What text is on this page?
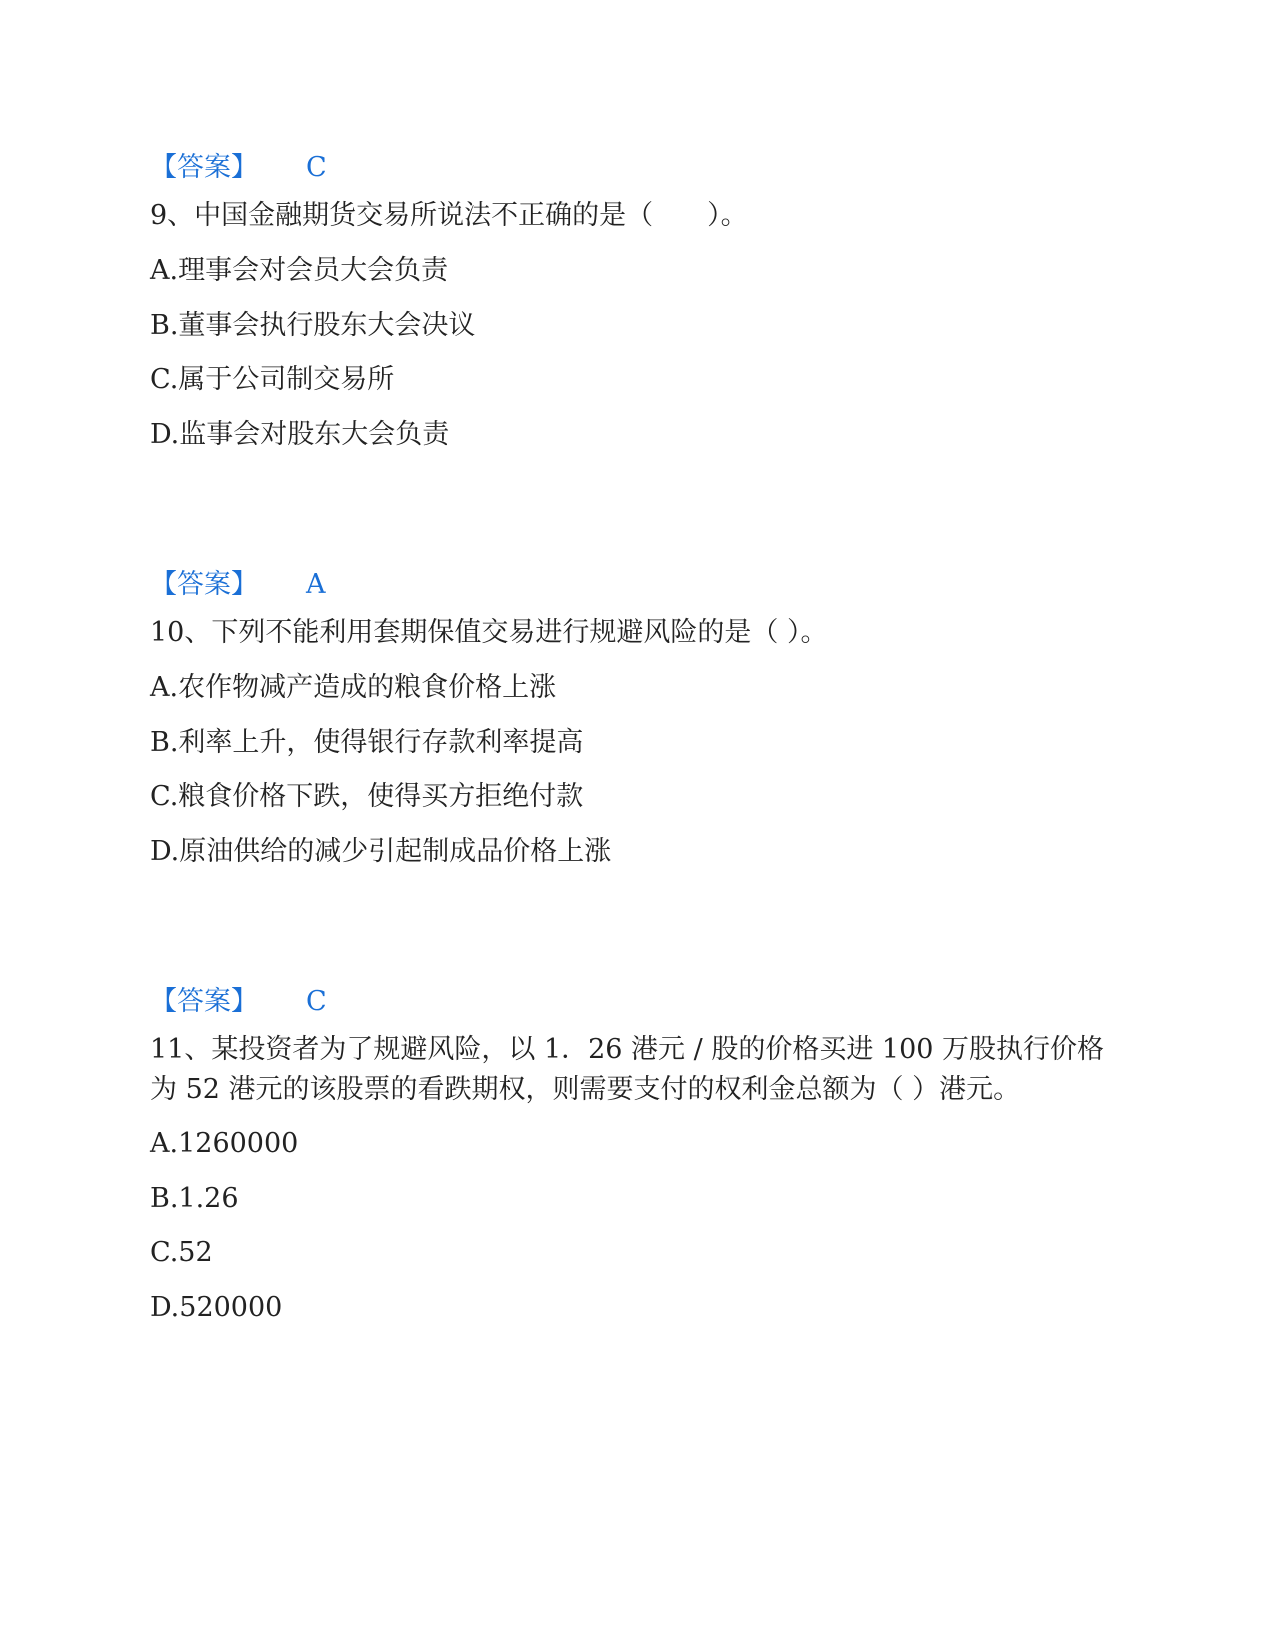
【答案】 C

9、中国金融期货交易所说法不正确的是（　　）。

A.理事会对会员大会负责
B.董事会执行股东大会决议
C.属于公司制交易所
D.监事会对股东大会负责
【答案】 A

10、下列不能利用套期保值交易进行规避风险的是（ ）。

A.农作物减产造成的粮食价格上涨
B.利率上升，使得银行存款利率提高
C.粮食价格下跌，使得买方拒绝付款
D.原油供给的减少引起制成品价格上涨
【答案】 C

11、某投资者为了规避风险，以 1．26 港元 / 股的价格买进 100 万股执行价格为 52 港元的该股票的看跌期权，则需要支付的权利金总额为（ ）港元。

A.1260000
B.1.26
C.52
D.520000
